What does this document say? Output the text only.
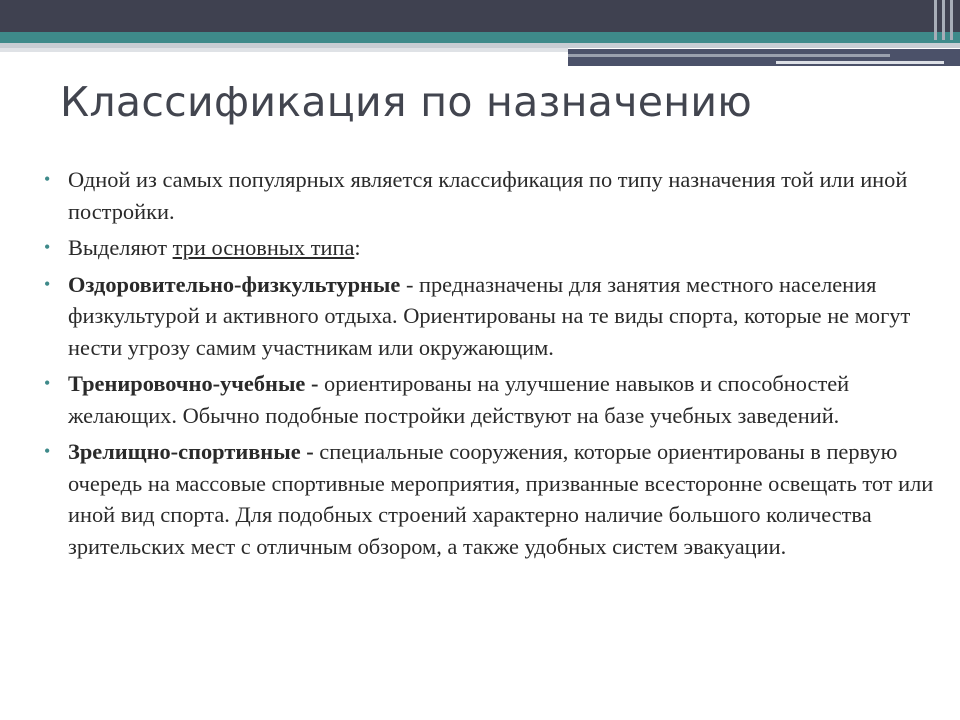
Классификация по назначению
• Одной из самых популярных является классификация по типу назначения той или иной постройки.
• Выделяют три основных типа:
• Оздоровительно-физкультурные - предназначены для занятия местного населения физкультурой и активного отдыха. Ориентированы на те виды спорта, которые не могут нести угрозу самим участникам или окружающим.
• Тренировочно-учебные - ориентированы на улучшение навыков и способностей желающих. Обычно подобные постройки действуют на базе учебных заведений.
• Зрелищно-спортивные - специальные сооружения, которые ориентированы в первую очередь на массовые спортивные мероприятия, призванные всесторонне освещать тот или иной вид спорта. Для подобных строений характерно наличие большого количества зрительских мест с отличным обзором, а также удобных систем эвакуации.
